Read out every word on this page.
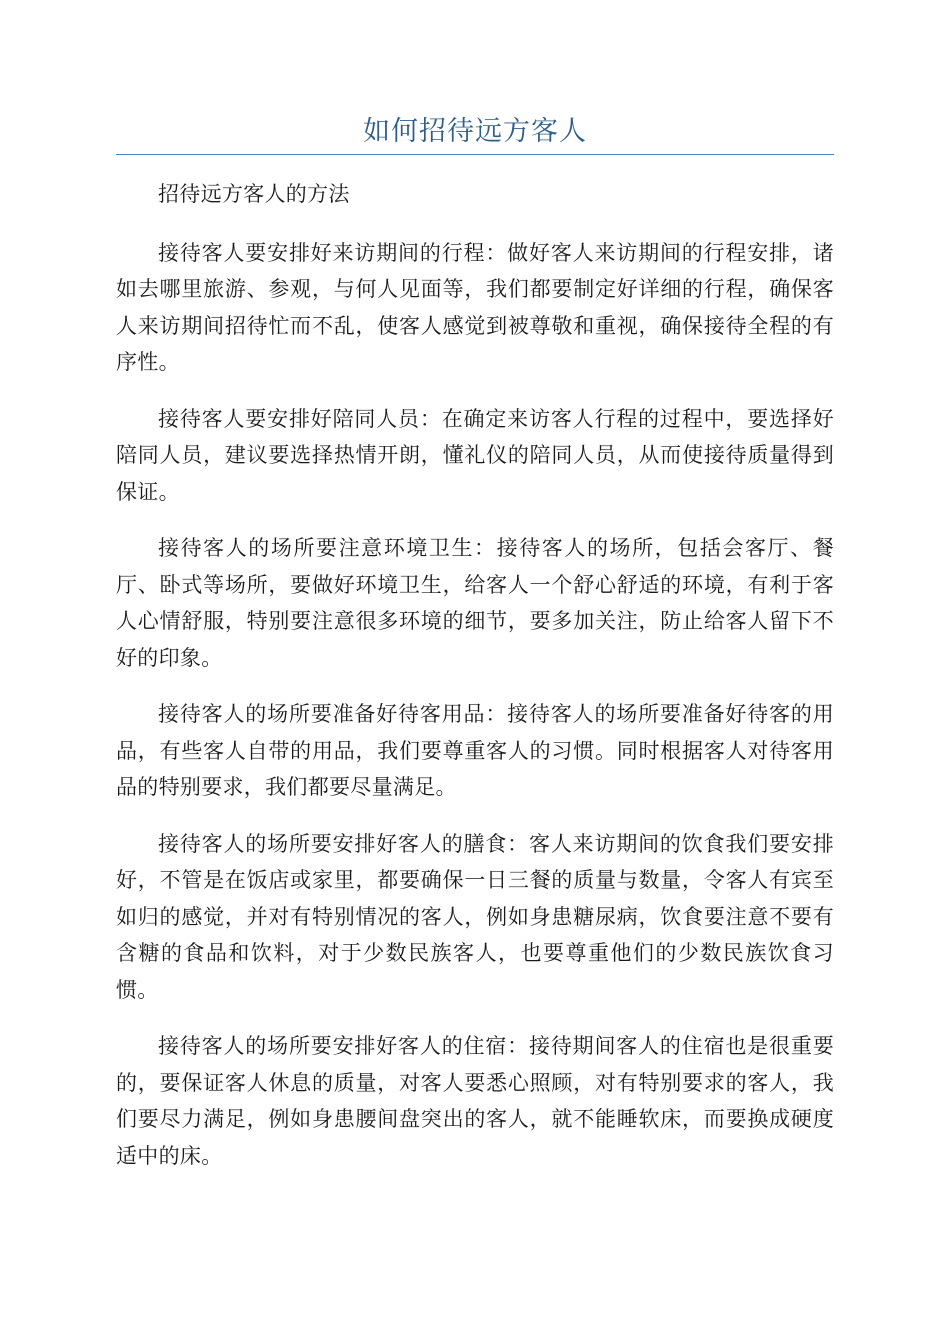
如何招待远方客人

招待远方客人的方法

接待客人要安排好来访期间的行程：做好客人来访期间的行程安排，诸如去哪里旅游、参观，与何人见面等，我们都要制定好详细的行程，确保客人来访期间招待忙而不乱，使客人感觉到被尊敬和重视，确保接待全程的有序性。

接待客人要安排好陪同人员：在确定来访客人行程的过程中，要选择好陪同人员，建议要选择热情开朗，懂礼仪的陪同人员，从而使接待质量得到保证。

接待客人的场所要注意环境卫生：接待客人的场所，包括会客厅、餐厅、卧式等场所，要做好环境卫生，给客人一个舒心舒适的环境，有利于客人心情舒服，特别要注意很多环境的细节，要多加关注，防止给客人留下不好的印象。

接待客人的场所要准备好待客用品：接待客人的场所要准备好待客的用品，有些客人自带的用品，我们要尊重客人的习惯。同时根据客人对待客用品的特别要求，我们都要尽量满足。

接待客人的场所要安排好客人的膳食：客人来访期间的饮食我们要安排好，不管是在饭店或家里，都要确保一日三餐的质量与数量，令客人有宾至如归的感觉，并对有特别情况的客人，例如身患糖尿病，饮食要注意不要有含糖的食品和饮料，对于少数民族客人，也要尊重他们的少数民族饮食习惯。

接待客人的场所要安排好客人的住宿：接待期间客人的住宿也是很重要的，要保证客人休息的质量，对客人要悉心照顾，对有特别要求的客人，我们要尽力满足，例如身患腰间盘突出的客人，就不能睡软床，而要换成硬度适中的床。
